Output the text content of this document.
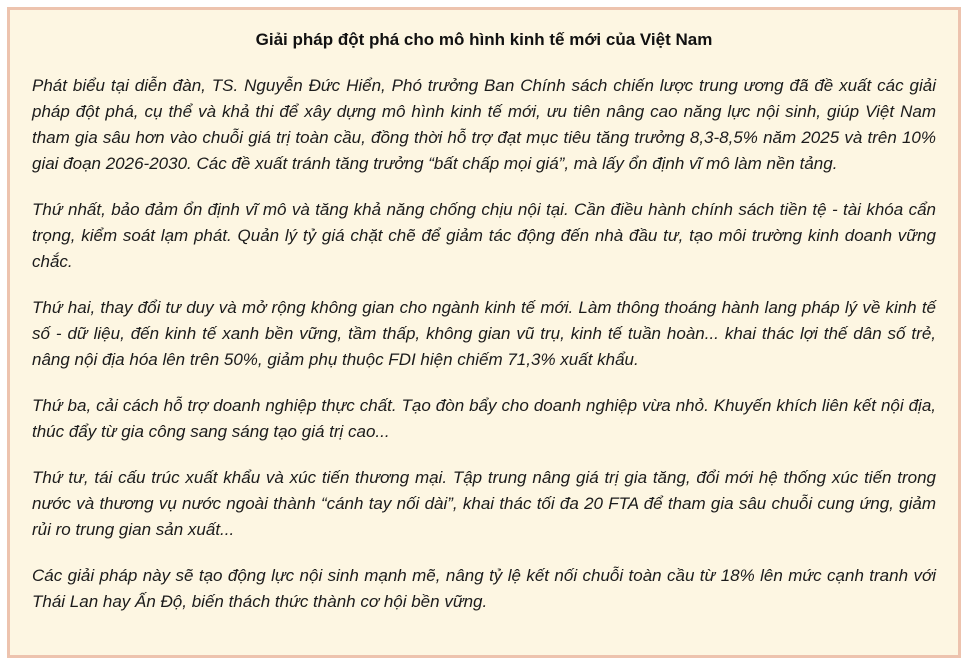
Giải pháp đột phá cho mô hình kinh tế mới của Việt Nam

Phát biểu tại diễn đàn, TS. Nguyễn Đức Hiển, Phó trưởng Ban Chính sách chiến lược trung ương đã đề xuất các giải pháp đột phá, cụ thể và khả thi để xây dựng mô hình kinh tế mới, ưu tiên nâng cao năng lực nội sinh, giúp Việt Nam tham gia sâu hơn vào chuỗi giá trị toàn cầu, đồng thời hỗ trợ đạt mục tiêu tăng trưởng 8,3-8,5% năm 2025 và trên 10% giai đoạn 2026-2030. Các đề xuất tránh tăng trưởng “bất chấp mọi giá”, mà lấy ổn định vĩ mô làm nền tảng.

Thứ nhất, bảo đảm ổn định vĩ mô và tăng khả năng chống chịu nội tại. Cần điều hành chính sách tiền tệ - tài khóa cẩn trọng, kiểm soát lạm phát. Quản lý tỷ giá chặt chẽ để giảm tác động đến nhà đầu tư, tạo môi trường kinh doanh vững chắc.

Thứ hai, thay đổi tư duy và mở rộng không gian cho ngành kinh tế mới. Làm thông thoáng hành lang pháp lý về kinh tế số - dữ liệu, đến kinh tế xanh bền vững, tầm thấp, không gian vũ trụ, kinh tế tuần hoàn... khai thác lợi thế dân số trẻ, nâng nội địa hóa lên trên 50%, giảm phụ thuộc FDI hiện chiếm 71,3% xuất khẩu.

Thứ ba, cải cách hỗ trợ doanh nghiệp thực chất. Tạo đòn bẩy cho doanh nghiệp vừa nhỏ. Khuyến khích liên kết nội địa, thúc đẩy từ gia công sang sáng tạo giá trị cao...

Thứ tư, tái cấu trúc xuất khẩu và xúc tiến thương mại. Tập trung nâng giá trị gia tăng, đổi mới hệ thống xúc tiến trong nước và thương vụ nước ngoài thành “cánh tay nối dài”, khai thác tối đa 20 FTA để tham gia sâu chuỗi cung ứng, giảm rủi ro trung gian sản xuất...

Các giải pháp này sẽ tạo động lực nội sinh mạnh mẽ, nâng tỷ lệ kết nối chuỗi toàn cầu từ 18% lên mức cạnh tranh với Thái Lan hay Ấn Độ, biến thách thức thành cơ hội bền vững.
